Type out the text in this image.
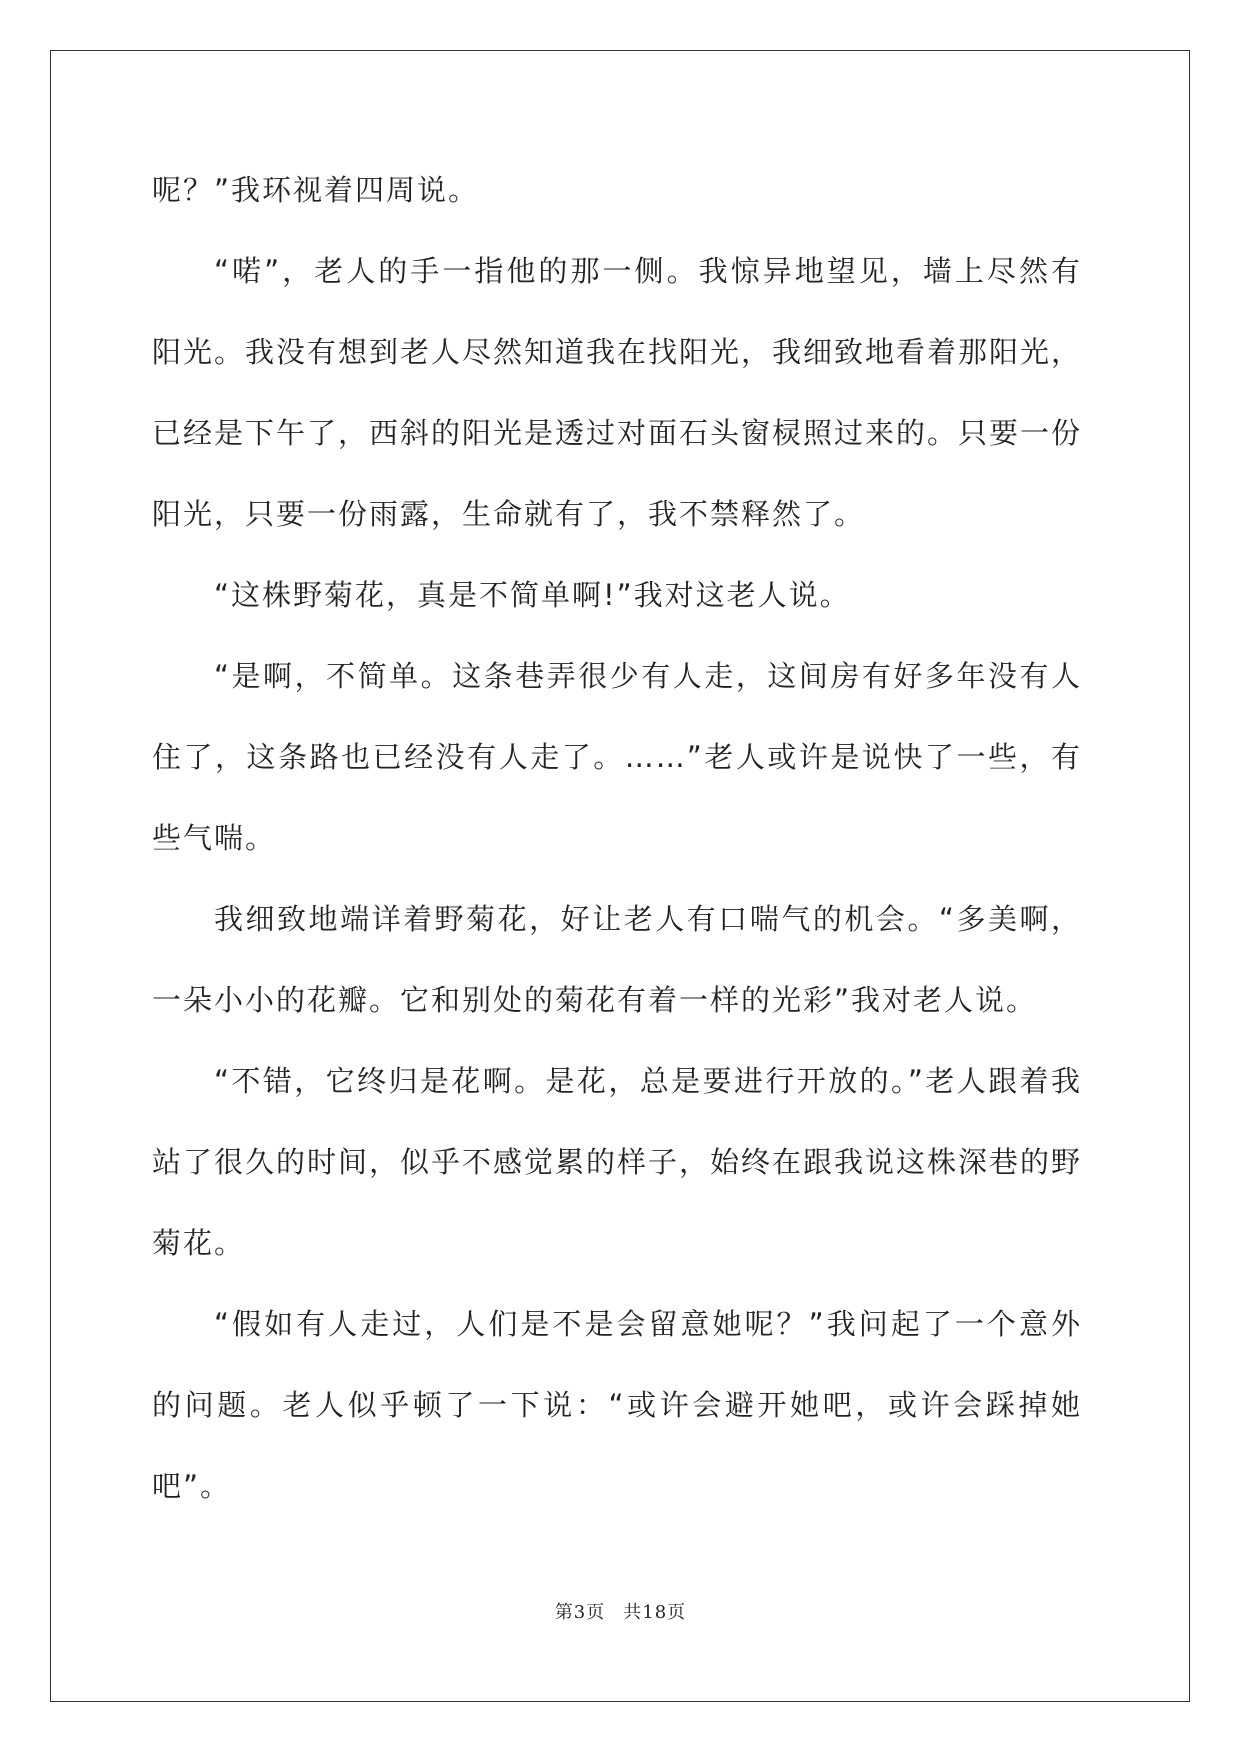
呢？”我环视着四周说。

“喏”，老人的手一指他的那一侧。我惊异地望见，墙上尽然有阳光。我没有想到老人尽然知道我在找阳光，我细致地看着那阳光，已经是下午了，西斜的阳光是透过对面石头窗棂照过来的。只要一份阳光，只要一份雨露，生命就有了，我不禁释然了。

“这株野菊花，真是不简单啊!”我对这老人说。

“是啊，不简单。这条巷弄很少有人走，这间房有好多年没有人住了，这条路也已经没有人走了。……”老人或许是说快了一些，有些气喘。

我细致地端详着野菊花，好让老人有口喘气的机会。“多美啊，一朵小小的花瓣。它和别处的菊花有着一样的光彩”我对老人说。

“不错，它终归是花啊。是花，总是要进行开放的。”老人跟着我站了很久的时间，似乎不感觉累的样子，始终在跟我说这株深巷的野菊花。

“假如有人走过，人们是不是会留意她呢？”我问起了一个意外的问题。老人似乎顿了一下说：“或许会避开她吧，或许会踩掉她吧”。

第3页 共18页
